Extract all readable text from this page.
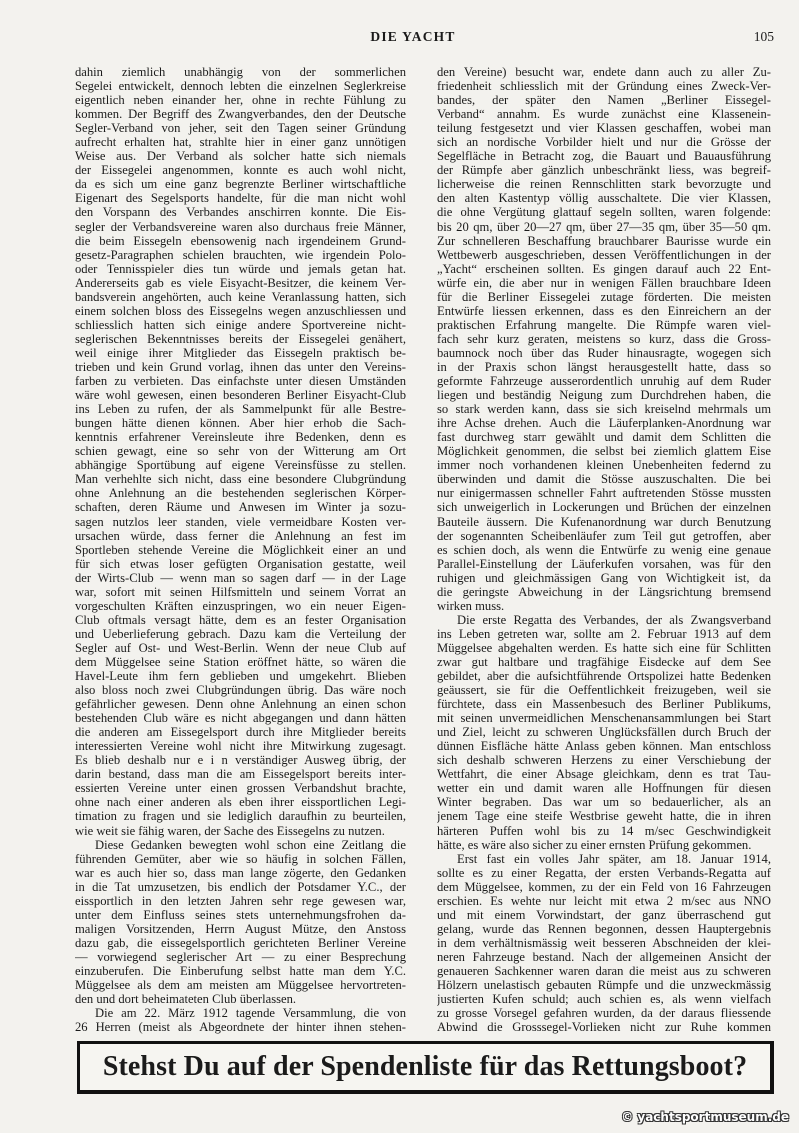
DIE YACHT	105
dahin ziemlich unabhängig von der sommerlichen
Segelei entwickelt, dennoch lebten die einzelnen Seglerkreise
eigentlich neben einander her, ohne in rechte Fühlung zu
kommen. Der Begriff des Zwangverbandes, den der Deutsche
Segler-Verband von jeher, seit den Tagen seiner Gründung
aufrecht erhalten hat, strahlte hier in einer ganz unnötigen
Weise aus. Der Verband als solcher hatte sich niemals
der Eissegelei angenommen, konnte es auch wohl nicht,
da es sich um eine ganz begrenzte Berliner wirtschaftliche
Eigenart des Segelsports handelte, für die man nicht wohl
den Vorspann des Verbandes anschirren konnte. Die Eis-
segler der Verbandsvereine waren also durchaus freie Männer,
die beim Eissegeln ebensowenig nach irgendeinem Grund-
gesetz-Paragraphen schielen brauchten, wie irgendein Polo-
oder Tennisspieler dies tun würde und jemals getan hat.
Andererseits gab es viele Eisyacht-Besitzer, die keinem Ver-
bandsverein angehörten, auch keine Veranlassung hatten, sich
einem solchen bloss des Eissegelns wegen anzuschliessen und
schliesslich hatten sich einige andere Sportvereine nicht-
seglerischen Bekenntnisses bereits der Eissegelei genähert,
weil einige ihrer Mitglieder das Eissegeln praktisch be-
trieben und kein Grund vorlag, ihnen das unter den Vereins-
farben zu verbieten. Das einfachste unter diesen Umständen
wäre wohl gewesen, einen besonderen Berliner Eisyacht-Club
ins Leben zu rufen, der als Sammelpunkt für alle Bestre-
bungen hätte dienen können. Aber hier erhob die Sach-
kenntnis erfahrener Vereinsleute ihre Bedenken, denn es
schien gewagt, eine so sehr von der Witterung am Ort
abhängige Sportübung auf eigene Vereinsfüsse zu stellen.
Man verhehlte sich nicht, dass eine besondere Clubgründung
ohne Anlehnung an die bestehenden seglerischen Körper-
schaften, deren Räume und Anwesen im Winter ja sozu-
sagen nutzlos leer standen, viele vermeidbare Kosten ver-
ursachen würde, dass ferner die Anlehnung an fest im
Sportleben stehende Vereine die Möglichkeit einer an und
für sich etwas loser gefügten Organisation gestatte, weil
der Wirts-Club — wenn man so sagen darf — in der Lage
war, sofort mit seinen Hilfsmitteln und seinem Vorrat an
vorgeschulten Kräften einzuspringen, wo ein neuer Eigen-
Club oftmals versagt hätte, dem es an fester Organisation
und Ueberlieferung gebrach. Dazu kam die Verteilung der
Segler auf Ost- und West-Berlin. Wenn der neue Club auf
dem Müggelsee seine Station eröffnet hätte, so wären die
Havel-Leute ihm fern geblieben und umgekehrt. Blieben
also bloss noch zwei Clubgründungen übrig. Das wäre noch
gefährlicher gewesen. Denn ohne Anlehnung an einen schon
bestehenden Club wäre es nicht abgegangen und dann hätten
die anderen am Eissegelsport durch ihre Mitglieder bereits
interessierten Vereine wohl nicht ihre Mitwirkung zugesagt.
Es blieb deshalb nur e i n verständiger Ausweg übrig, der
darin bestand, dass man die am Eissegelsport bereits inter-
essierten Vereine unter einen grossen Verbandshut brachte,
ohne nach einer anderen als eben ihrer eissportlichen Legi-
timation zu fragen und sie lediglich daraufhin zu beurteilen,
wie weit sie fähig waren, der Sache des Eissegelns zu nutzen.
Diese Gedanken bewegten wohl schon eine Zeitlang die
führenden Gemüter, aber wie so häufig in solchen Fällen,
war es auch hier so, dass man lange zögerte, den Gedanken
in die Tat umzusetzen, bis endlich der Potsdamer Y.C., der
eissportlich in den letzten Jahren sehr rege gewesen war,
unter dem Einfluss seines stets unternehmungsfrohen da-
maligen Vorsitzenden, Herrn August Mütze, den Anstoss
dazu gab, die eissegelsportlich gerichteten Berliner Vereine
— vorwiegend seglerischer Art — zu einer Besprechung
einzuberufen. Die Einberufung selbst hatte man dem Y.C.
Müggelsee als dem am meisten am Müggelsee hervortreten-
den und dort beheimateten Club überlassen.
Die am 22. März 1912 tagende Versammlung, die von
26 Herren (meist als Abgeordnete der hinter ihnen stehen-
den Vereine) besucht war, endete dann auch zu aller Zu-
friedenheit schliesslich mit der Gründung eines Zweck-Ver-
bandes, der später den Namen „Berliner Eissegel-
Verband“ annahm. Es wurde zunächst eine Klassenein-
teilung festgesetzt und vier Klassen geschaffen, wobei man
sich an nordische Vorbilder hielt und nur die Grösse der
Segelfläche in Betracht zog, die Bauart und Bauausführung
der Rümpfe aber gänzlich unbeschränkt liess, was begreif-
licherweise die reinen Rennschlitten stark bevorzugte und
den alten Kastentyp völlig ausschaltete. Die vier Klassen,
die ohne Vergütung glattauf segeln sollten, waren folgende:
bis 20 qm, über 20—27 qm, über 27—35 qm, über 35—50 qm.
Zur schnelleren Beschaffung brauchbarer Baurisse wurde ein
Wettbewerb ausgeschrieben, dessen Veröffentlichungen in der
„Yacht“ erscheinen sollten. Es gingen darauf auch 22 Ent-
würfe ein, die aber nur in wenigen Fällen brauchbare Ideen
für die Berliner Eissegelei zutage förderten. Die meisten
Entwürfe liessen erkennen, dass es den Einreichern an der
praktischen Erfahrung mangelte. Die Rümpfe waren viel-
fach sehr kurz geraten, meistens so kurz, dass die Gross-
baumnock noch über das Ruder hinausragte, wogegen sich
in der Praxis schon längst herausgestellt hatte, dass so
geformte Fahrzeuge ausserordentlich unruhig auf dem Ruder
liegen und beständig Neigung zum Durchdrehen haben, die
so stark werden kann, dass sie sich kreiselnd mehrmals um
ihre Achse drehen. Auch die Läuferplanken-Anordnung war
fast durchweg starr gewählt und damit dem Schlitten die
Möglichkeit genommen, die selbst bei ziemlich glattem Eise
immer noch vorhandenen kleinen Unebenheiten federnd zu
überwinden und damit die Stösse auszuschalten. Die bei
nur einigermassen schneller Fahrt auftretenden Stösse mussten
sich unweigerlich in Lockerungen und Brüchen der einzelnen
Bauteile äussern. Die Kufenanordnung war durch Benutzung
der sogenannten Scheibenläufer zum Teil gut getroffen, aber
es schien doch, als wenn die Entwürfe zu wenig eine genaue
Parallel-Einstellung der Läuferkufen vorsahen, was für den
ruhigen und gleichmässigen Gang von Wichtigkeit ist, da
die geringste Abweichung in der Längsrichtung bremsend
wirken muss.
Die erste Regatta des Verbandes, der als Zwangsverband
ins Leben getreten war, sollte am 2. Februar 1913 auf dem
Müggelsee abgehalten werden. Es hatte sich eine für Schlitten
zwar gut haltbare und tragfähige Eisdecke auf dem See
gebildet, aber die aufsichtführende Ortspolizei hatte Bedenken
geäussert, sie für die Oeffentlichkeit freizugeben, weil sie
fürchtete, dass ein Massenbesuch des Berliner Publikums,
mit seinen unvermeidlichen Menschenansammlungen bei Start
und Ziel, leicht zu schweren Unglücksfällen durch Bruch der
dünnen Eisfläche hätte Anlass geben können. Man entschloss
sich deshalb schweren Herzens zu einer Verschiebung der
Wettfahrt, die einer Absage gleichkam, denn es trat Tau-
wetter ein und damit waren alle Hoffnungen für diesen
Winter begraben. Das war um so bedauerlicher, als an
jenem Tage eine steife Westbrise geweht hatte, die in ihren
härteren Puffen wohl bis zu 14 m/sec Geschwindigkeit
hätte, es wäre also sicher zu einer ernsten Prüfung gekommen.
Erst fast ein volles Jahr später, am 18. Januar 1914,
sollte es zu einer Regatta, der ersten Verbands-Regatta auf
dem Müggelsee, kommen, zu der ein Feld von 16 Fahrzeugen
erschien. Es wehte nur leicht mit etwa 2 m/sec aus NNO
und mit einem Vorwindstart, der ganz überraschend gut
gelang, wurde das Rennen begonnen, dessen Hauptergebnis
in dem verhältnismässig weit besseren Abschneiden der klei-
neren Fahrzeuge bestand. Nach der allgemeinen Ansicht der
genaueren Sachkenner waren daran die meist aus zu schweren
Hölzern unelastisch gebauten Rümpfe und die unzweckmässig
justierten Kufen schuld; auch schien es, als wenn vielfach
zu grosse Vorsegel gefahren wurden, da der daraus fliessende
Abwind die Grosssegel-Vorlieken nicht zur Ruhe kommen
Stehst Du auf der Spendenliste für das Rettungsboot?
© yachtsportmuseum.de
